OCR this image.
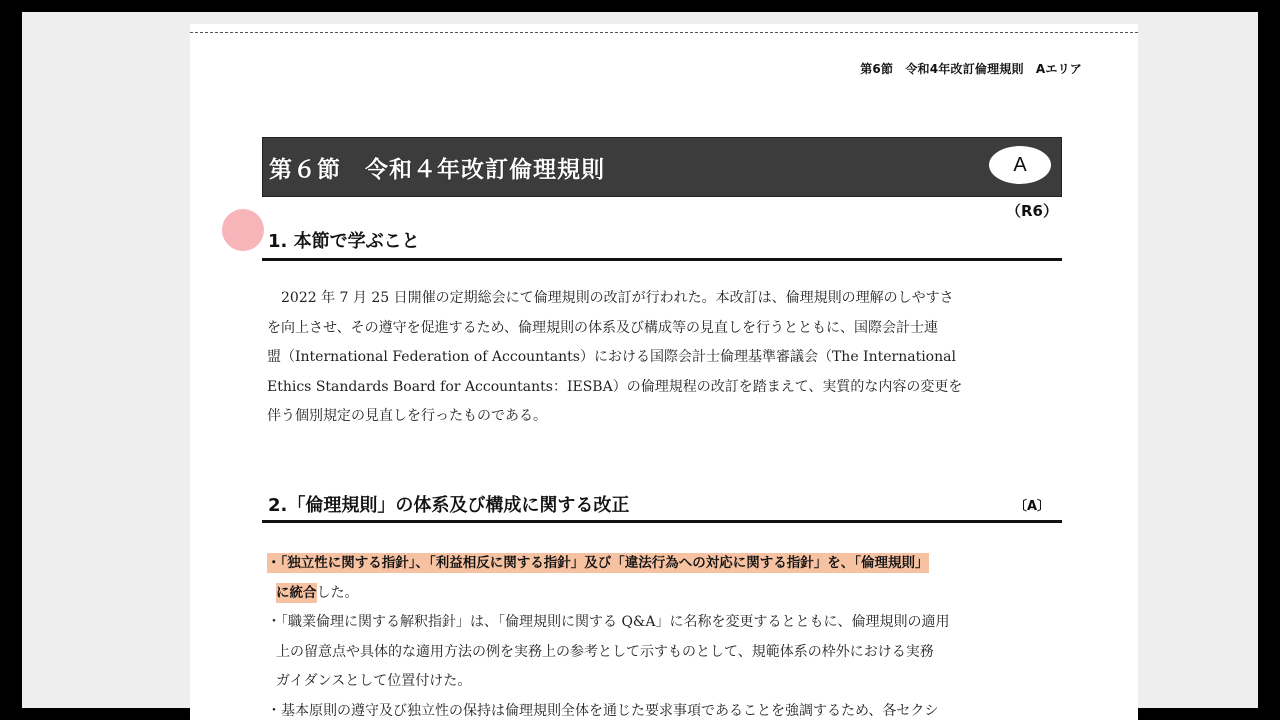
第6節　令和4年改訂倫理規則　Aエリア
第６節　令和４年改訂倫理規則	A
（R6）
1. 本節で学ぶこと
　2022 年 7 月 25 日開催の定期総会にて倫理規則の改訂が行われた。本改訂は、倫理規則の理解のしやすさ
を向上させ、その遵守を促進するため、倫理規則の体系及び構成等の見直しを行うとともに、国際会計士連
盟（International Federation of Accountants）における国際会計士倫理基準審議会（The International
Ethics Standards Board for Accountants：IESBA）の倫理規程の改訂を踏まえて、実質的な内容の変更を
伴う個別規定の見直しを行ったものである。
2.「倫理規則」の体系及び構成に関する改正	〔A〕
・「独立性に関する指針」、「利益相反に関する指針」及び「違法行為への対応に関する指針」を、「倫理規則」
に統合した。
・「職業倫理に関する解釈指針」は、「倫理規則に関する Q&A」に名称を変更するとともに、倫理規則の適用
上の留意点や具体的な適用方法の例を実務上の参考として示すものとして、規範体系の枠外における実務
ガイダンスとして位置付けた。
・基本原則の遵守及び独立性の保持は倫理規則全体を通じた要求事項であることを強調するため、各セクシ
